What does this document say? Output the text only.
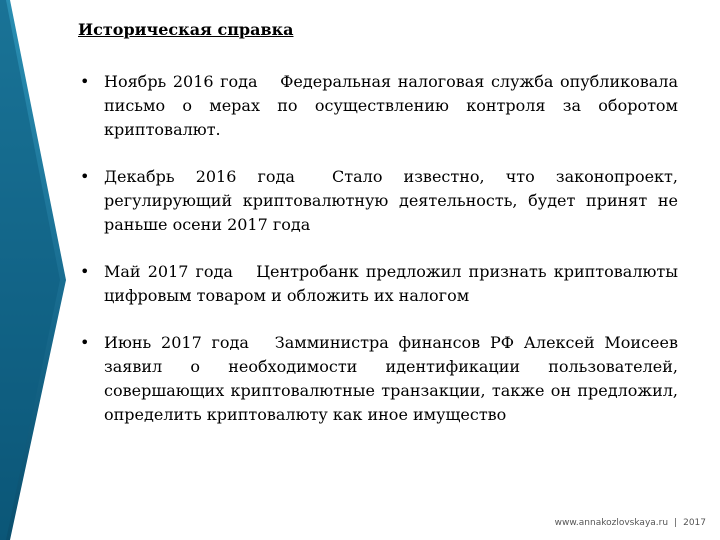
Историческая справка
• Ноябрь 2016 года Федеральная налоговая служба опубликовала письмо о мерах по осуществлению контроля за оборотом криптовалют.
• Декабрь 2016 года Стало известно, что законопроект, регулирующий криптовалютную деятельность, будет принят не раньше осени 2017 года
• Май 2017 года Центробанк предложил признать криптовалюты цифровым товаром и обложить их налогом
• Июнь 2017 года Замминистра финансов РФ Алексей Моисеев заявил о необходимости идентификации пользователей, совершающих криптовалютные транзакции, также он предложил, определить криптовалюту как иное имущество
www.annakozlovskaya.ru | 2017
